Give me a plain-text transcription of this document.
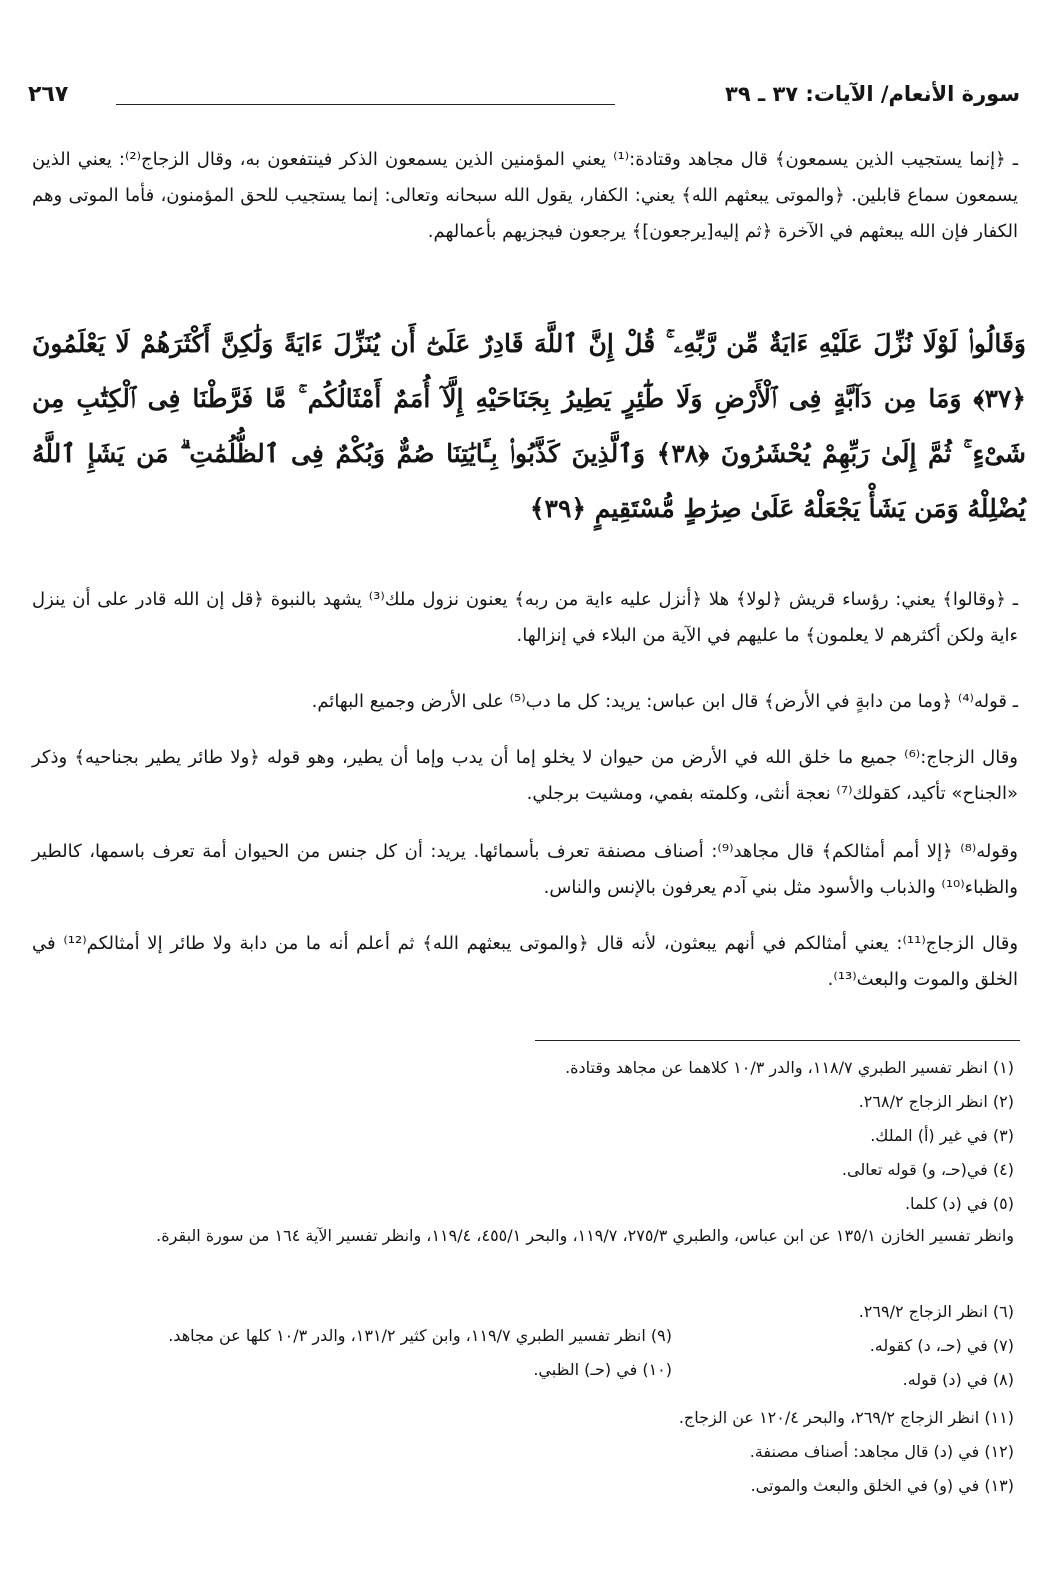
سورة الأنعام/ الآيات: ٣٧ ـ ٣٩
٢٦٧
ـ ﴿إنما يستجيب الذين يسمعون﴾ قال مجاهد وقتادة:⁽¹⁾ يعني المؤمنين الذين يسمعون الذكر فينتفعون به، وقال الزجاج⁽²⁾: يعني الذين يسمعون سماع قابلين. ﴿والموتى يبعثهم الله﴾ يعني: الكفار، يقول الله سبحانه وتعالى: إنما يستجيب للحق المؤمنون، فأما الموتى وهم الكفار فإن الله يبعثهم في الآخرة ﴿ثم إليه[يرجعون]﴾ يرجعون فيجزيهم بأعمالهم.
وَقَالُوا۟ لَوْلَا نُزِّلَ عَلَيْهِ ءَايَةٌ مِّن رَّبِّهِۦ ۚ قُلْ إِنَّ ٱللَّهَ قَادِرٌ عَلَىٰٓ أَن يُنَزِّلَ ءَايَةً وَلَٰكِنَّ أَكْثَرَهُمْ لَا يَعْلَمُونَ ﴿٣٧﴾ وَمَا مِن دَآبَّةٍ فِى ٱلْأَرْضِ وَلَا طَٰٓئِرٍ يَطِيرُ بِجَنَاحَيْهِ إِلَّآ أُمَمٌ أَمْثَالُكُم ۚ مَّا فَرَّطْنَا فِى ٱلْكِتَٰبِ مِن شَىْءٍ ۚ ثُمَّ إِلَىٰ رَبِّهِمْ يُحْشَرُونَ ﴿٣٨﴾ وَٱلَّذِينَ كَذَّبُوا۟ بِـَٔايَٰتِنَا صُمٌّ وَبُكْمٌ فِى ٱلظُّلُمَٰتِ ۗ مَن يَشَإِ ٱللَّهُ يُضْلِلْهُ وَمَن يَشَأْ يَجْعَلْهُ عَلَىٰ صِرَٰطٍ مُّسْتَقِيمٍ ﴿٣٩﴾
ـ ﴿وقالوا﴾ يعني: رؤساء قريش ﴿لولا﴾ هلا ﴿أنزل عليه ءاية من ربه﴾ يعنون نزول ملك⁽³⁾ يشهد بالنبوة ﴿قل إن الله قادر على أن ينزل ءاية ولكن أكثرهم لا يعلمون﴾ ما عليهم في الآية من البلاء في إنزالها.
ـ قوله⁽⁴⁾ ﴿وما من دابةٍ في الأرض﴾ قال ابن عباس: يريد: كل ما دب⁽⁵⁾ على الأرض وجميع البهائم.
وقال الزجاج:⁽⁶⁾ جميع ما خلق الله في الأرض من حيوان لا يخلو إما أن يدب وإما أن يطير، وهو قوله ﴿ولا طائر يطير بجناحيه﴾ وذكر «الجناح» تأكيد، كقولك⁽⁷⁾ نعجة أنثى، وكلمته بفمي، ومشيت برجلي.
وقوله⁽⁸⁾ ﴿إلا أمم أمثالكم﴾ قال مجاهد⁽⁹⁾: أصناف مصنفة تعرف بأسمائها. يريد: أن كل جنس من الحيوان أمة تعرف باسمها، كالطير والظباء⁽¹⁰⁾ والذباب والأسود مثل بني آدم يعرفون بالإنس والناس.
وقال الزجاج⁽¹¹⁾: يعني أمثالكم في أنهم يبعثون، لأنه قال ﴿والموتى يبعثهم الله﴾ ثم أعلم أنه ما من دابة ولا طائر إلا أمثالكم⁽¹²⁾ في الخلق والموت والبعث⁽¹³⁾.
(١) انظر تفسير الطبري ١١٨/٧، والدر ١٠/٣ كلاهما عن مجاهد وقتادة.
(٢) انظر الزجاج ٢٦٨/٢.
(٣) في غير (أ) الملك.
(٤) في(حـ، و) قوله تعالى.
(٥) في (د) كلما.
وانظر تفسير الخازن ١٣٥/١ عن ابن عباس، والطبري ٢٧٥/٣، ١١٩/٧، والبحر ٤٥٥/١، ١١٩/٤، وانظر تفسير الآية ١٦٤ من سورة البقرة.
(٦) انظر الزجاج ٢٦٩/٢.
(٧) في (حـ، د) كقوله.
(٨) في (د) قوله.
(٩) انظر تفسير الطبري ١١٩/٧، وابن كثير ١٣١/٢، والدر ١٠/٣ كلها عن مجاهد.
(١٠) في (حـ) الظبي.
(١١) انظر الزجاج ٢٦٩/٢، والبحر ١٢٠/٤ عن الزجاج.
(١٢) في (د) قال مجاهد: أصناف مصنفة.
(١٣) في (و) في الخلق والبعث والموتى.
